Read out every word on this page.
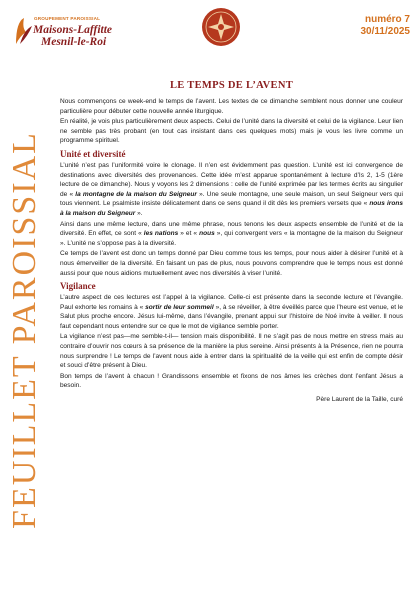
GROUPEMENT PAROISSIAL
Maisons-Laffitte
Mesnil-le-Roi
numéro 7
30/11/2025
FEUILLET PAROISSIAL
LE TEMPS DE L’AVENT

Nous commençons ce week-end le temps de l’avent. Les textes de ce dimanche semblent nous donner une couleur particulière pour débuter cette nouvelle année liturgique.

En réalité, je vois plus particulièrement deux aspects. Celui de l’unité dans la diversité et celui de la vigilance. Leur lien ne semble pas très probant (en tout cas insistant dans ces quelques mots) mais je vous les livre comme un programme spirituel.

Unité et diversité

L’unité n’est pas l’uniformité voire le clonage. Il n’en est évidemment pas question. L’unité est ici convergence de destinations avec diversités des provenances. Cette idée m’est apparue spontanément à lecture d’Is 2, 1-5 (1ère lecture de ce dimanche). Nous y voyons les 2 dimensions : celle de l’unité exprimée par les termes écrits au singulier de « la montagne de la maison du Seigneur ». Une seule montagne, une seule maison, un seul Seigneur vers qui tous viennent. Le psalmiste insiste délicatement dans ce sens quand il dit dès les premiers versets que « nous irons à la maison du Seigneur ».

Ainsi dans une même lecture, dans une même phrase, nous tenons les deux aspects ensemble de l’unité et de la diversité. En effet, ce sont « les nations » et « nous », qui convergent vers « la montagne de la maison du Seigneur ». L’unité ne s’oppose pas à la diversité.

Ce temps de l’avent est donc un temps donné par Dieu comme tous les temps, pour nous aider à désirer l’unité et à nous émerveiller de la diversité. En faisant un pas de plus, nous pouvons comprendre que le temps nous est donné aussi pour que nous aidions mutuellement avec nos diversités à viser l’unité.

Vigilance

L’autre aspect de ces lectures est l’appel à la vigilance. Celle-ci est présente dans la seconde lecture et l’évangile. Paul exhorte les romains à « sortir de leur sommeil », à se réveiller, à être éveillés parce que l’heure est venue, et le Salut plus proche encore. Jésus lui-même, dans l’évangile, prenant appui sur l’histoire de Noé invite à veiller. Il nous faut cependant nous entendre sur ce que le mot de vigilance semble porter.

La vigilance n’est pas—me semble-t-il— tension mais disponibilité. Il ne s’agit pas de nous mettre en stress mais au contraire d’ouvrir nos cœurs à sa présence de la manière la plus sereine. Ainsi présents à la Présence, rien ne pourra nous surprendre ! Le temps de l’avent nous aide à entrer dans la spiritualité de la veille qui est enfin de compte désir et souci d’être présent à Dieu.

Bon temps de l’avent à chacun ! Grandissons ensemble et fixons de nos âmes les crèches dont l’enfant Jésus a besoin.

Père Laurent de la Taille, curé
